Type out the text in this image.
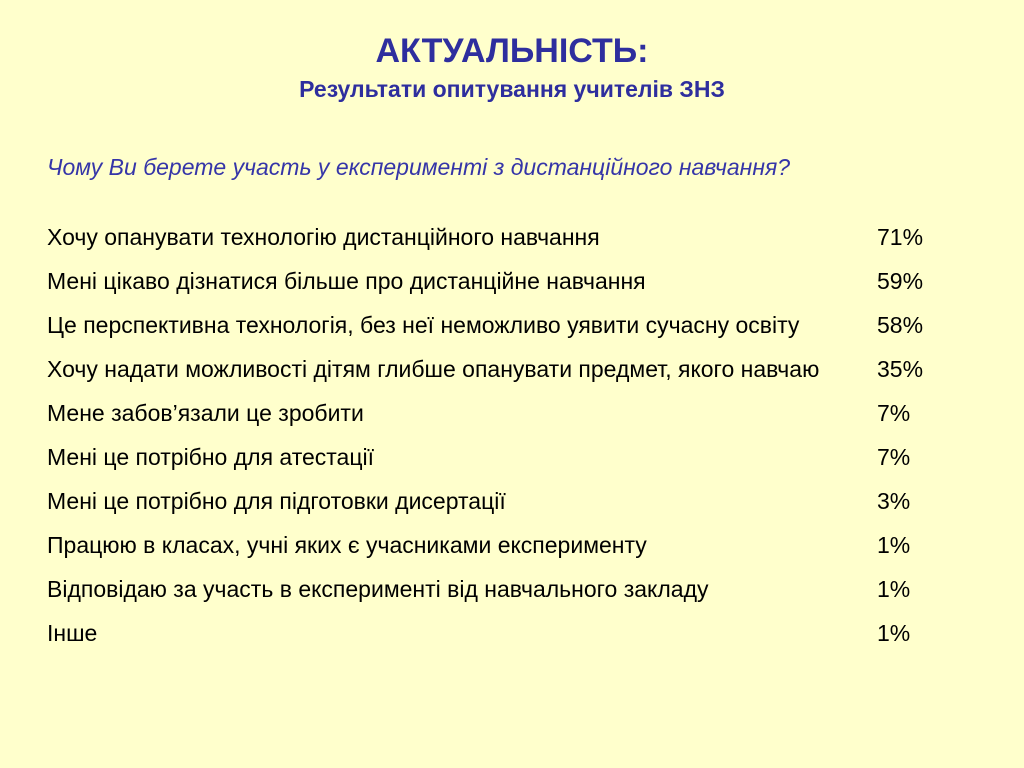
АКТУАЛЬНІСТЬ:
Результати опитування учителів ЗНЗ
Чому Ви берете участь у експерименті з дистанційного навчання?
Хочу опанувати технологію дистанційного навчання	71%
Мені цікаво дізнатися більше про дистанційне навчання	59%
Це перспективна технологія, без неї неможливо уявити сучасну освіту	58%
Хочу надати можливості дітям глибше опанувати предмет, якого навчаю	35%
Мене забов’язали це зробити	7%
Мені це потрібно для атестації	7%
Мені це потрібно для підготовки дисертації	3%
Працюю в класах, учні яких є учасниками експерименту	1%
Відповідаю за участь в експерименті від навчального закладу	1%
Інше	1%
